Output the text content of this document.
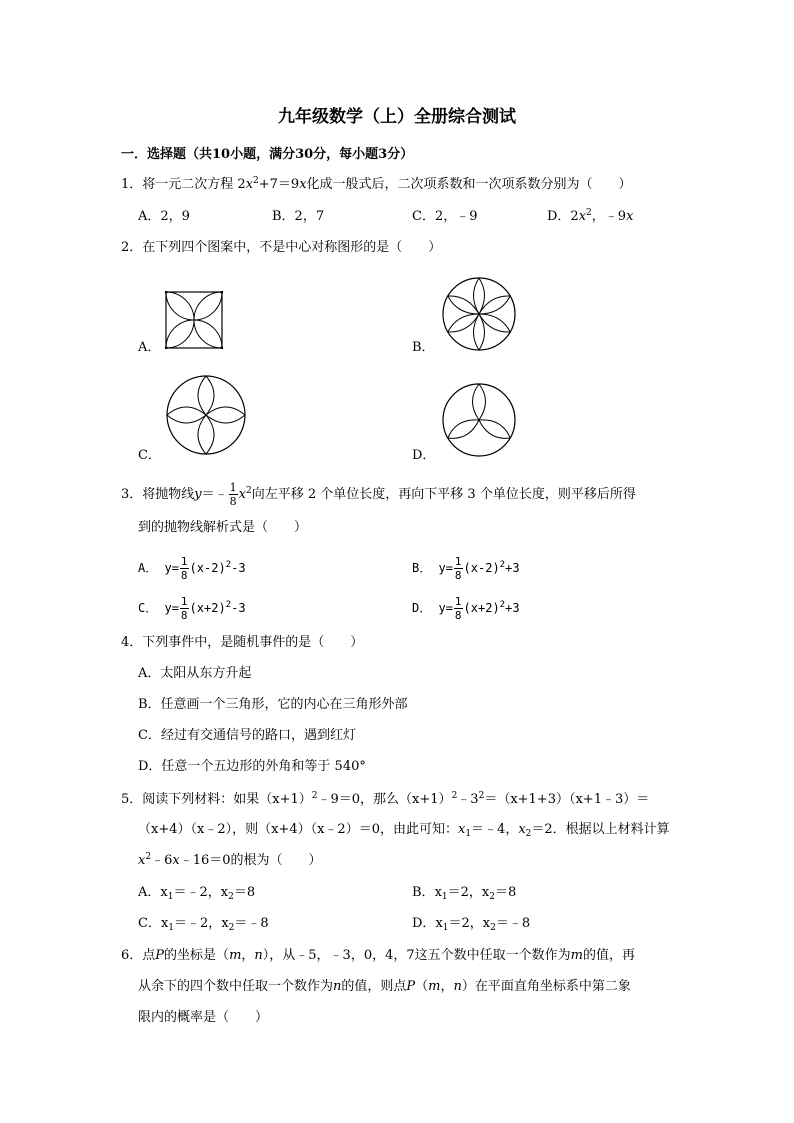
九年级数学（上）全册综合测试
一．选择题（共10小题，满分30分，每小题3分）
1．将一元二次方程 $2x^2+7=9x$化成一般式后，二次项系数和一次项系数分别为（　　）
A．2，9	B．2，7	C．2，﹣9	D．$2x^2$，﹣9x
2．在下列四个图案中，不是中心对称图形的是（　　）
A．	B．
C．	D．
3．将抛物线y＝﹣ $\frac{1}{8} x^2$向左平移 2 个单位长度，再向下平移 3 个单位长度，则平移后所得
到的抛物线解析式是（　　）
A． $y= \frac{1}{8} (x-2)^2-3$	B． $y= \frac{1}{8} (x-2)^2+3$
C． $y= \frac{1}{8} (x+2)^2-3$	D． $y= \frac{1}{8} (x+2)^2+3$
4．下列事件中，是随机事件的是（　　）
A．太阳从东方升起
B．任意画一个三角形，它的内心在三角形外部
C．经过有交通信号的路口，遇到红灯
D．任意一个五边形的外角和等于 540°
5．阅读下列材料：如果$(x+1)^2﹣9=0$，那么$(x+1)^2﹣3^2=(x+1+3)(x+1﹣3)=$
（x+4）（x﹣2），则（x+4）（x﹣2）＝0，由此可知：$x_1=﹣4$，$x_2=2$．根据以上材料计算
$x^2﹣6x﹣16=0$的根为（　　）
A．$x_1=﹣2$，$x_2=8$	B．$x_1=2$，$x_2=8$
C．$x_1=﹣2$，$x_2=﹣8$	D．$x_1=2$，$x_2=﹣8$
6．点P的坐标是（m，n），从﹣5，﹣3，0，4，7这五个数中任取一个数作为m的值，再
从余下的四个数中任取一个数作为n的值，则点P（m，n）在平面直角坐标系中第二象
限内的概率是（　　）
